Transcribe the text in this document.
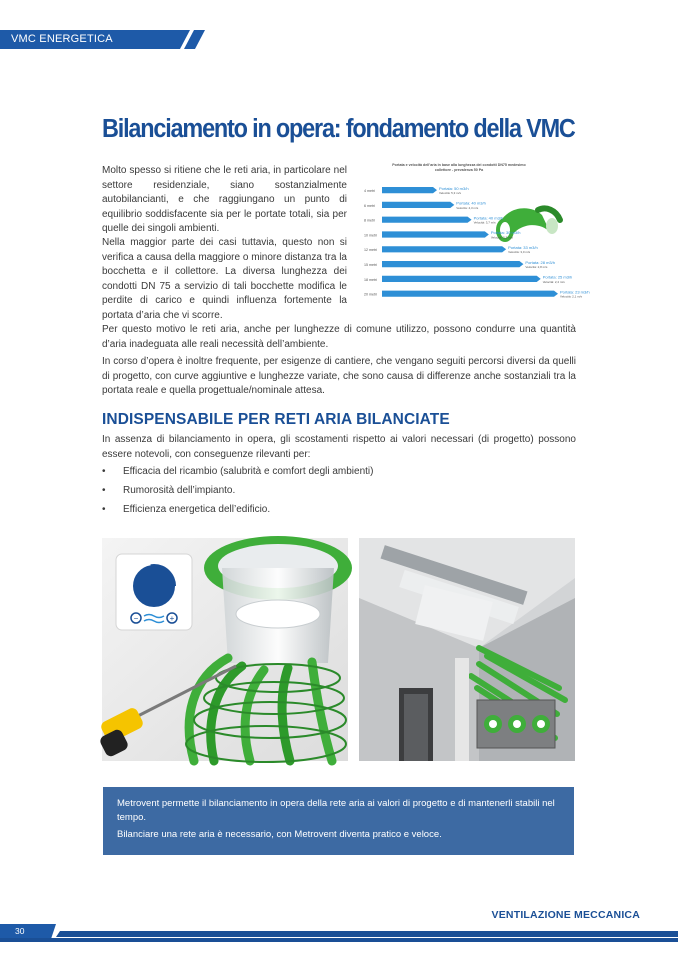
VMC ENERGETICA
Bilanciamento in opera: fondamento della VMC

Molto spesso si ritiene che le reti aria, in particolare nel settore residenziale, siano sostanzialmente autobilancianti, e che raggiungano un punto di equilibrio soddisfacente sia per le portate totali, sia per quelle dei singoli ambienti.

Nella maggior parte dei casi tuttavia, questo non si verifica a causa della maggiore o minore distanza tra la bocchetta e il collettore. La diversa lunghezza dei condotti DN 75 a servizio di tali bocchette modifica le perdite di carico e quindi influenza fortemente la portata d’aria che vi scorre.

Per questo motivo le reti aria, anche per lunghezze di comune utilizzo, possono condurre una quantità d’aria inadeguata alle reali necessità dell’ambiente.

In corso d’opera è inoltre frequente, per esigenze di cantiere, che vengano seguiti percorsi diversi da quelli di progetto, con curve aggiuntive e lunghezze variate, che sono causa di differenze anche sostanziali tra la portata reale e quella progettuale/nominale attesa.

Portata e velocità dell’aria in base alla lunghezza dei condotti DN75 medesimo collettore - prevalenza 50 Pa
4 metri
Portata: 50 m3/h
Velocità: 5,3 m/s
6 metri
Portata: 40 m3/h
Velocità: 4,3 m/s
8 metri
Portata: 40 m3/h
Velocità: 3,7 m/s
10 metri
Portata: 30 m3/h
Velocità: 3,3 m/s
12 metri
Portata: 33 m3/h
Velocità: 3,0 m/s
15 metri
Portata: 28 m3/h
Velocità: 2,8 m/s
18 metri
Portata: 25 m3/h
Velocità: 2,4 m/s
20 metri
Portata: 23 m3/h
Velocità: 2,1 m/s
INDISPENSABILE PER RETI ARIA BILANCIATE

In assenza di bilanciamento in opera, gli scostamenti rispetto ai valori necessari (di progetto) possono essere notevoli, con conseguenze rilevanti per:

• Efficacia del ricambio (salubrità e comfort degli ambienti)
• Rumorosità dell’impianto.
• Efficienza energetica dell’edificio.
−	+

Metrovent permette il bilanciamento in opera della rete aria ai valori di progetto e di mantenerli stabili nel tempo.

Bilanciare una rete aria è necessario, con Metrovent diventa pratico e veloce.

VENTILAZIONE MECCANICA
30
